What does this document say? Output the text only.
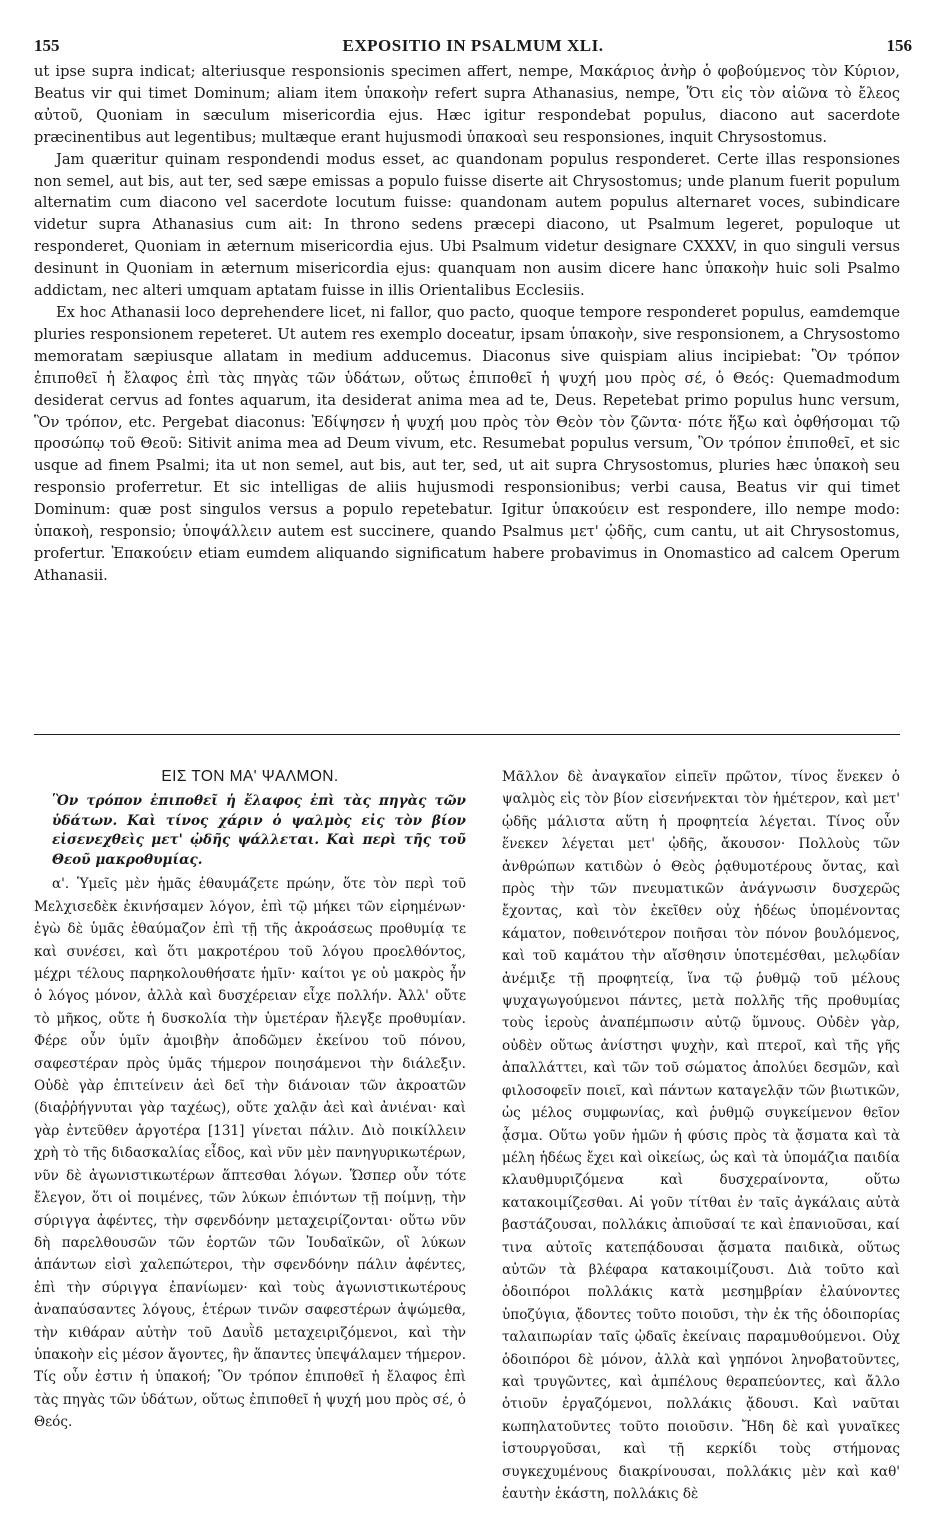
155	EXPOSITIO IN PSALMUM XLI.	156

ut ipse supra indicat; alteriusque responsionis specimen affert, nempe, Μακάριος ἀνὴρ ὁ φοβούμενος τὸν Κύριον, Beatus vir qui timet Dominum; aliam item ὑπακοὴν refert supra Athanasius, nempe, Ὅτι εἰς τὸν αἰῶνα τὸ ἔλεος αὐτοῦ, Quoniam in sæculum misericordia ejus. Hæc igitur respondebat populus, diacono aut sacerdote præcinentibus aut legentibus; multæque erant hujusmodi ὑπακοαὶ seu responsiones, inquit Chrysostomus.

Jam quæritur quinam respondendi modus esset, ac quandonam populus responderet. Certe illas responsiones non semel, aut bis, aut ter, sed sæpe emissas a populo fuisse diserte ait Chrysostomus; unde planum fuerit populum alternatim cum diacono vel sacerdote locutum fuisse: quandonam autem populus alternaret voces, subindicare videtur supra Athanasius cum ait: In throno sedens præcepi diacono, ut Psalmum legeret, populoque ut responderet, Quoniam in æternum misericordia ejus. Ubi Psalmum videtur designare CXXXV, in quo singuli versus desinunt in Quoniam in æternum misericordia ejus: quanquam non ausim dicere hanc ὑπακοὴν huic soli Psalmo addictam, nec alteri umquam aptatam fuisse in illis Orientalibus Ecclesiis.

Ex hoc Athanasii loco deprehendere licet, ni fallor, quo pacto, quoque tempore responderet populus, eamdemque pluries responsionem repeteret. Ut autem res exemplo doceatur, ipsam ὑπακοὴν, sive responsionem, a Chrysostomo memoratam sæpiusque allatam in medium adducemus. Diaconus sive quispiam alius incipiebat: Ὃν τρόπον ἐπιποθεῖ ἡ ἔλαφος ἐπὶ τὰς πηγὰς τῶν ὑδάτων, οὕτως ἐπιποθεῖ ἡ ψυχή μου πρὸς σέ, ὁ Θεός: Quemadmodum desiderat cervus ad fontes aquarum, ita desiderat anima mea ad te, Deus. Repetebat primo populus hunc versum, Ὃν τρόπον, etc. Pergebat diaconus: Ἐδίψησεν ἡ ψυχή μου πρὸς τὸν Θεὸν τὸν ζῶντα· πότε ἥξω καὶ ὀφθήσομαι τῷ προσώπῳ τοῦ Θεοῦ: Sitivit anima mea ad Deum vivum, etc. Resumebat populus versum, Ὃν τρόπον ἐπιποθεῖ, et sic usque ad finem Psalmi; ita ut non semel, aut bis, aut ter, sed, ut ait supra Chrysostomus, pluries hæc ὑπακοὴ seu responsio proferretur. Et sic intelligas de aliis hujusmodi responsionibus; verbi causa, Beatus vir qui timet Dominum: quæ post singulos versus a populo repetebatur. Igitur ὑπακούειν est respondere, illo nempe modo: ὑπακοὴ, responsio; ὑποψάλλειν autem est succinere, quando Psalmus μετ' ᾠδῆς, cum cantu, ut ait Chrysostomus, profertur. Ἐπακούειν etiam eumdem aliquando significatum habere probavimus in Onomastico ad calcem Operum Athanasii.

ΕΙΣ ΤΟΝ ΜΑ' ΨΑΛΜΟΝ.
Ὃν τρόπον ἐπιποθεῖ ἡ ἔλαφος ἐπὶ τὰς πηγὰς τῶν ὑδάτων. Καὶ τίνος χάριν ὁ ψαλμὸς εἰς τὸν βίον εἰσενεχθεὶς μετ' ᾠδῆς ψάλλεται. Καὶ περὶ τῆς τοῦ Θεοῦ μακροθυμίας.

α'. Ὑμεῖς μὲν ἡμᾶς ἐθαυμάζετε πρώην, ὅτε τὸν περὶ τοῦ Μελχισεδὲκ ἐκινήσαμεν λόγον, ἐπὶ τῷ μήκει τῶν εἰρημένων· ἐγὼ δὲ ὑμᾶς ἐθαύμαζον ἐπὶ τῇ τῆς ἀκροάσεως προθυμίᾳ τε καὶ συνέσει, καὶ ὅτι μακροτέρου τοῦ λόγου προελθόντος, μέχρι τέλους παρηκολουθήσατε ἡμῖν· καίτοι γε οὐ μακρὸς ἦν ὁ λόγος μόνον, ἀλλὰ καὶ δυσχέρειαν εἶχε πολλήν. Ἀλλ' οὔτε τὸ μῆκος, οὔτε ἡ δυσκολία τὴν ὑμετέραν ἤλεγξε προθυμίαν. Φέρε οὖν ὑμῖν ἀμοιβὴν ἀποδῶμεν ἐκείνου τοῦ πόνου, σαφεστέραν πρὸς ὑμᾶς τήμερον ποιησάμενοι τὴν διάλεξιν. Οὐδὲ γὰρ ἐπιτείνειν ἀεὶ δεῖ τὴν διάνοιαν τῶν ἀκροατῶν (διαῤῥήγνυται γὰρ ταχέως), οὔτε χαλᾷν ἀεὶ καὶ ἀνιέναι· καὶ γὰρ ἐντεῦθεν ἀργοτέρα [131] γίνεται πάλιν. Διὸ ποικίλλειν χρὴ τὸ τῆς διδασκαλίας εἶδος, καὶ νῦν μὲν πανηγυρικωτέρων, νῦν δὲ ἀγωνιστικωτέρων ἅπτεσθαι λόγων. Ὥσπερ οὖν τότε ἔλεγον, ὅτι οἱ ποιμένες, τῶν λύκων ἐπιόντων τῇ ποίμνῃ, τὴν σύριγγα ἀφέντες, τὴν σφενδόνην μεταχειρίζονται· οὕτω νῦν δὴ παρελθουσῶν τῶν ἑορτῶν τῶν Ἰουδαϊκῶν, οἳ λύκων ἁπάντων εἰσὶ χαλεπώτεροι, τὴν σφενδόνην πάλιν ἀφέντες, ἐπὶ τὴν σύριγγα ἐπανίωμεν· καὶ τοὺς ἀγωνιστικωτέρους ἀναπαύσαντες λόγους, ἑτέρων τινῶν σαφεστέρων ἁψώμεθα, τὴν κιθάραν αὐτὴν τοῦ Δαυῒδ μεταχειριζόμενοι, καὶ τὴν ὑπακοὴν εἰς μέσον ἄγοντες, ἣν ἅπαντες ὑπεψάλαμεν τήμερον. Τίς οὖν ἐστιν ἡ ὑπακοή; Ὃν τρόπον ἐπιποθεῖ ἡ ἔλαφος ἐπὶ τὰς πηγὰς τῶν ὑδάτων, οὕτως ἐπιποθεῖ ἡ ψυχή μου πρὸς σέ, ὁ Θεός.

Μᾶλλον δὲ ἀναγκαῖον εἰπεῖν πρῶτον, τίνος ἕνεκεν ὁ ψαλμὸς εἰς τὸν βίον εἰσενήνεκται τὸν ἡμέτερον, καὶ μετ' ᾠδῆς μάλιστα αὕτη ἡ προφητεία λέγεται. Τίνος οὖν ἕνεκεν λέγεται μετ' ᾠδῆς, ἄκουσον· Πολλοὺς τῶν ἀνθρώπων κατιδὼν ὁ Θεὸς ῥᾳθυμοτέρους ὄντας, καὶ πρὸς τὴν τῶν πνευματικῶν ἀνάγνωσιν δυσχερῶς ἔχοντας, καὶ τὸν ἐκεῖθεν οὐχ ἡδέως ὑπομένοντας κάματον, ποθεινότερον ποιῆσαι τὸν πόνον βουλόμενος, καὶ τοῦ καμάτου τὴν αἴσθησιν ὑποτεμέσθαι, μελῳδίαν ἀνέμιξε τῇ προφητείᾳ, ἵνα τῷ ῥυθμῷ τοῦ μέλους ψυχαγωγούμενοι πάντες, μετὰ πολλῆς τῆς προθυμίας τοὺς ἱεροὺς ἀναπέμπωσιν αὐτῷ ὕμνους. Οὐδὲν γὰρ, οὐδὲν οὕτως ἀνίστησι ψυχὴν, καὶ πτεροῖ, καὶ τῆς γῆς ἀπαλλάττει, καὶ τῶν τοῦ σώματος ἀπολύει δεσμῶν, καὶ φιλοσοφεῖν ποιεῖ, καὶ πάντων καταγελᾷν τῶν βιωτικῶν, ὡς μέλος συμφωνίας, καὶ ῥυθμῷ συγκείμενον θεῖον ᾆσμα. Οὕτω γοῦν ἡμῶν ἡ φύσις πρὸς τὰ ᾄσματα καὶ τὰ μέλη ἡδέως ἔχει καὶ οἰκείως, ὡς καὶ τὰ ὑπομάζια παιδία κλαυθμυριζόμενα καὶ δυσχεραίνοντα, οὕτω κατακοιμίζεσθαι. Αἱ γοῦν τίτθαι ἐν ταῖς ἀγκάλαις αὐτὰ βαστάζουσαι, πολλάκις ἀπιοῦσαί τε καὶ ἐπανιοῦσαι, καί τινα αὐτοῖς κατεπᾴδουσαι ᾄσματα παιδικὰ, οὕτως αὐτῶν τὰ βλέφαρα κατακοιμίζουσι. Διὰ τοῦτο καὶ ὁδοιπόροι πολλάκις κατὰ μεσημβρίαν ἐλαύνοντες ὑποζύγια, ᾄδοντες τοῦτο ποιοῦσι, τὴν ἐκ τῆς ὁδοιπορίας ταλαιπωρίαν ταῖς ᾠδαῖς ἐκείναις παραμυθούμενοι. Οὐχ ὁδοιπόροι δὲ μόνον, ἀλλὰ καὶ γηπόνοι ληνοβατοῦντες, καὶ τρυγῶντες, καὶ ἀμπέλους θεραπεύοντες, καὶ ἄλλο ὁτιοῦν ἐργαζόμενοι, πολλάκις ᾄδουσι. Καὶ ναῦται κωπηλατοῦντες τοῦτο ποιοῦσιν. Ἤδη δὲ καὶ γυναῖκες ἱστουργοῦσαι, καὶ τῇ κερκίδι τοὺς στήμονας συγκεχυμένους διακρίνουσαι, πολλάκις μὲν καὶ καθ' ἑαυτὴν ἑκάστη, πολλάκις δὲ
